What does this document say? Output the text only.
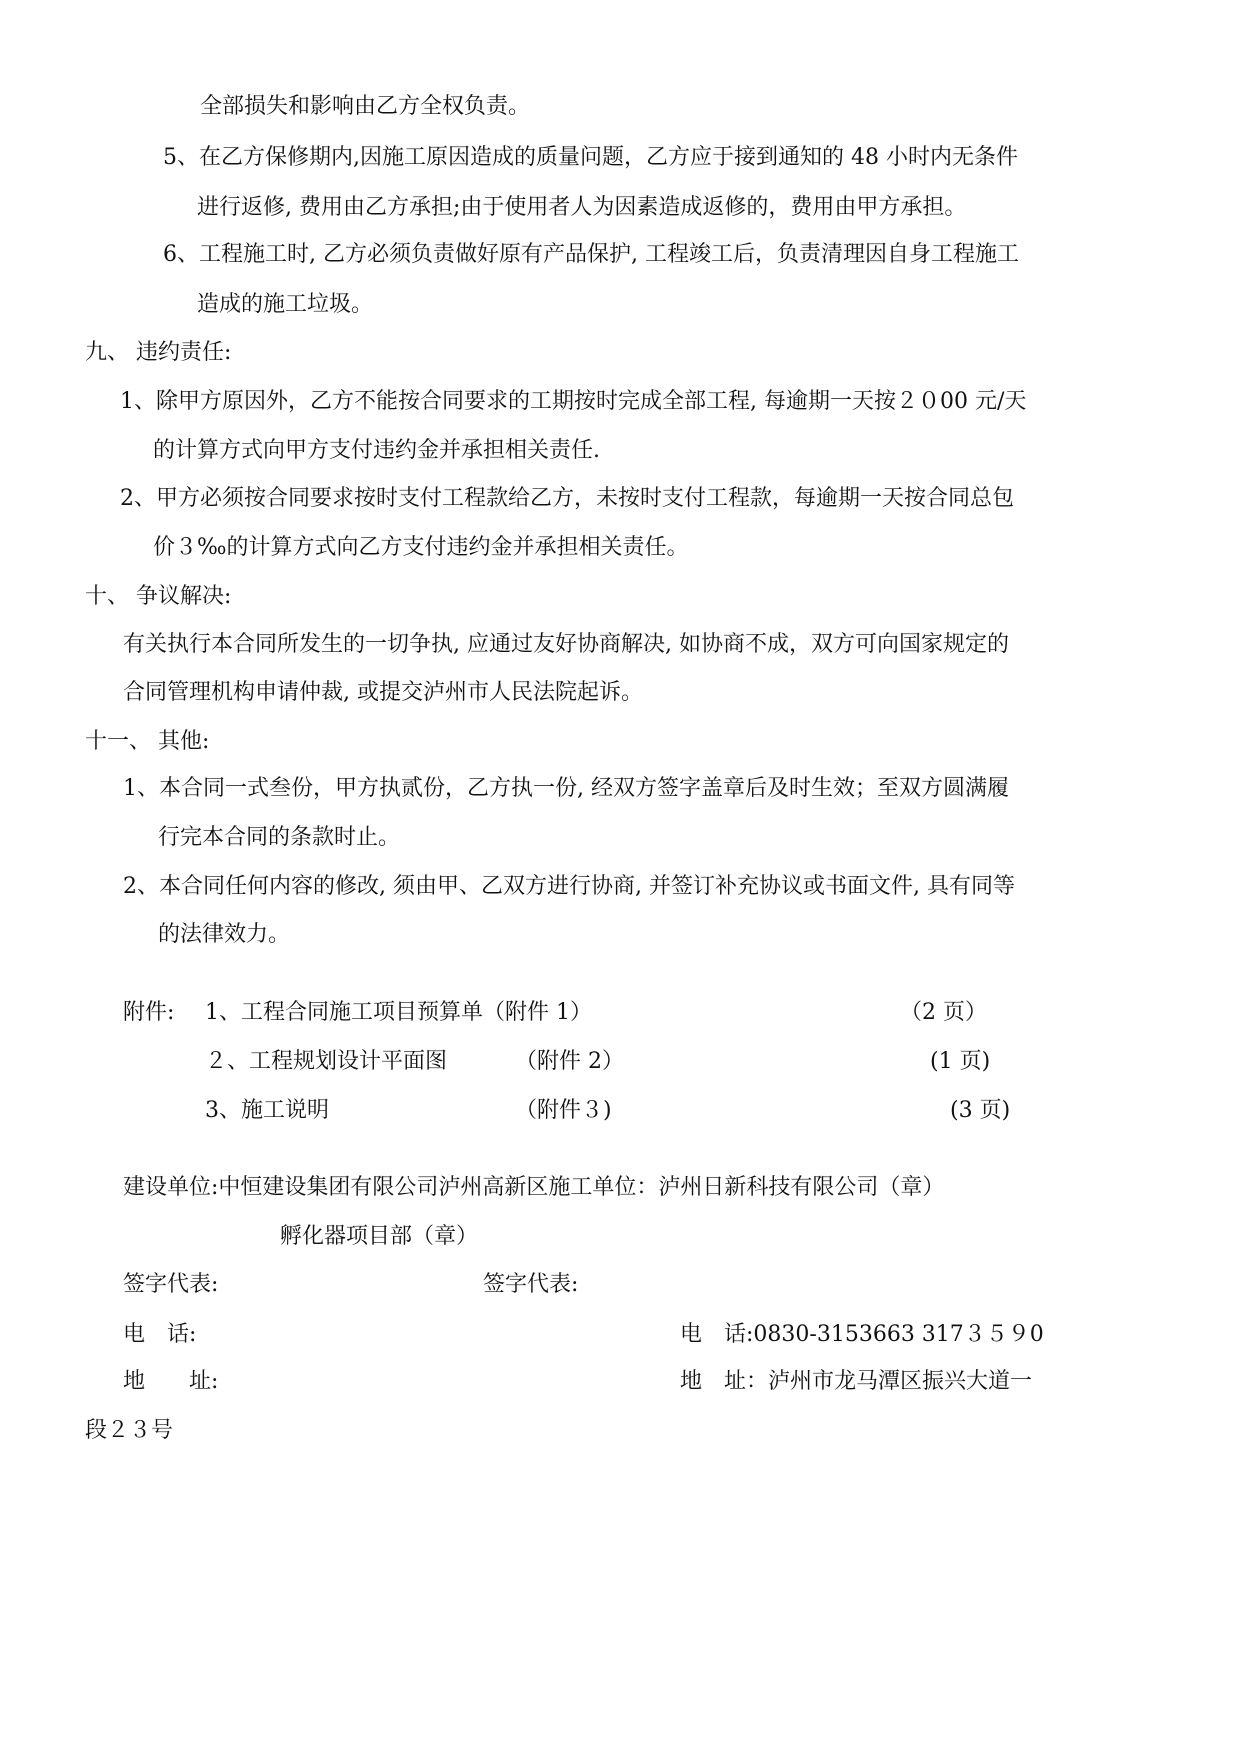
全部损失和影响由乙方全权负责。
5、在乙方保修期内,因施工原因造成的质量问题，乙方应于接到通知的 48 小时内无条件
进行返修, 费用由乙方承担;由于使用者人为因素造成返修的，费用由甲方承担。
6、工程施工时, 乙方必须负责做好原有产品保护, 工程竣工后，负责清理因自身工程施工
造成的施工垃圾。
九、 违约责任:
1、除甲方原因外，乙方不能按合同要求的工期按时完成全部工程, 每逾期一天按２０00 元/天
的计算方式向甲方支付违约金并承担相关责任.
2、甲方必须按合同要求按时支付工程款给乙方，未按时支付工程款，每逾期一天按合同总包
价３‰的计算方式向乙方支付违约金并承担相关责任。
十、 争议解决:
有关执行本合同所发生的一切争执, 应通过友好协商解决, 如协商不成，双方可向国家规定的
合同管理机构申请仲裁, 或提交泸州市人民法院起诉。
十一、 其他:
1、本合同一式叁份，甲方执贰份，乙方执一份, 经双方签字盖章后及时生效；至双方圆满履
行完本合同的条款时止。
2、本合同任何内容的修改, 须由甲、乙双方进行协商, 并签订补充协议或书面文件, 具有同等
的法律效力。
附件: 1、工程合同施工项目预算单（附件 1）	（2 页）
２、工程规划设计平面图	（附件 2）	(1 页)
3、施工说明	（附件３)	(3 页)
建设单位:中恒建设集团有限公司泸州高新区施工单位：泸州日新科技有限公司（章）
孵化器项目部（章）
签字代表:	签字代表:
电　话:	电　话:0830-3153663 317３５９0
地　　址:	地　址：泸州市龙马潭区振兴大道一
段２３号
